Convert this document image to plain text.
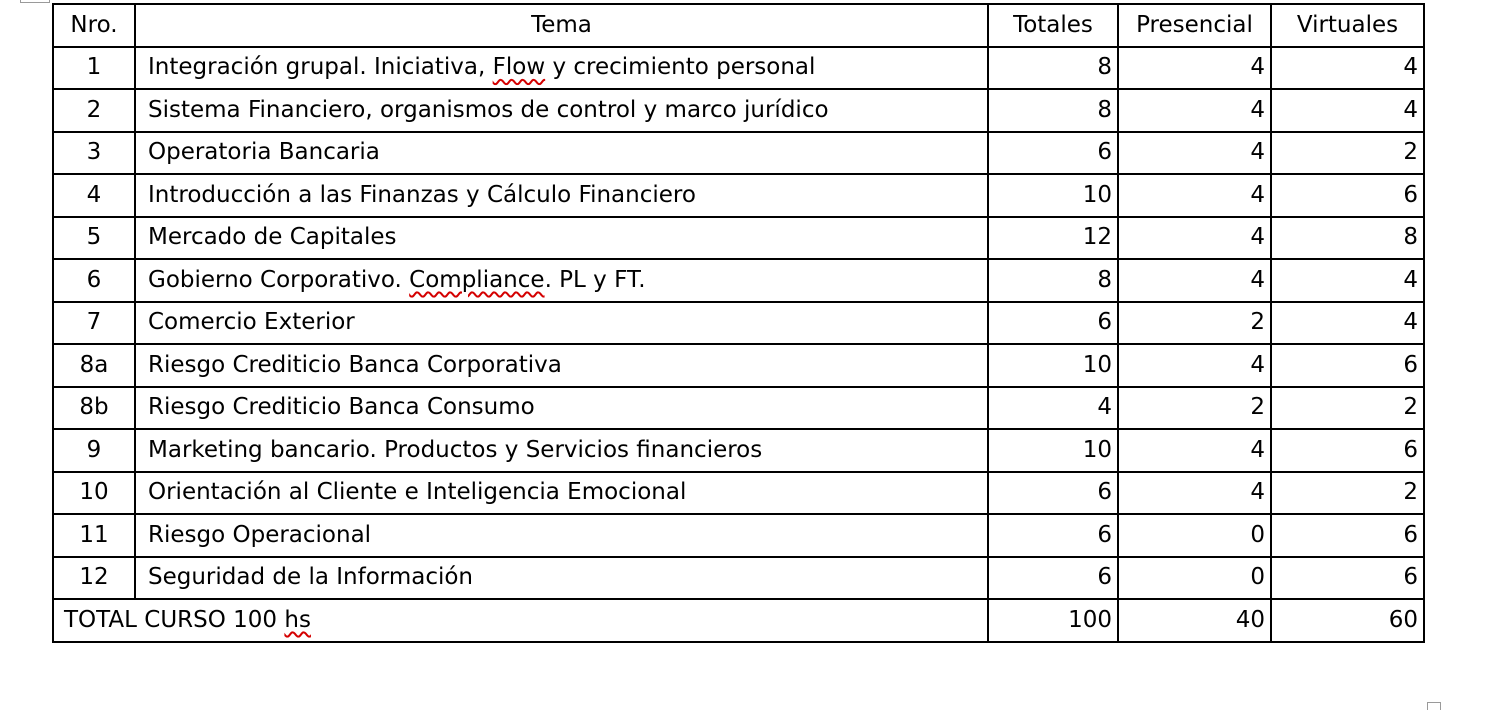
Nro.	Tema	Totales	Presencial	Virtuales
1	Integración grupal. Iniciativa, Flow y crecimiento personal	8	4	4
2	Sistema Financiero, organismos de control y marco jurídico	8	4	4
3	Operatoria Bancaria	6	4	2
4	Introducción a las Finanzas y Cálculo Financiero	10	4	6
5	Mercado de Capitales	12	4	8
6	Gobierno Corporativo. Compliance. PL y FT.	8	4	4
7	Comercio Exterior	6	2	4
8a	Riesgo Crediticio Banca Corporativa	10	4	6
8b	Riesgo Crediticio Banca Consumo	4	2	2
9	Marketing bancario. Productos y Servicios financieros	10	4	6
10	Orientación al Cliente e Inteligencia Emocional	6	4	2
11	Riesgo Operacional	6	0	6
12	Seguridad de la Información	6	0	6
TOTAL CURSO 100 hs		100	40	60
